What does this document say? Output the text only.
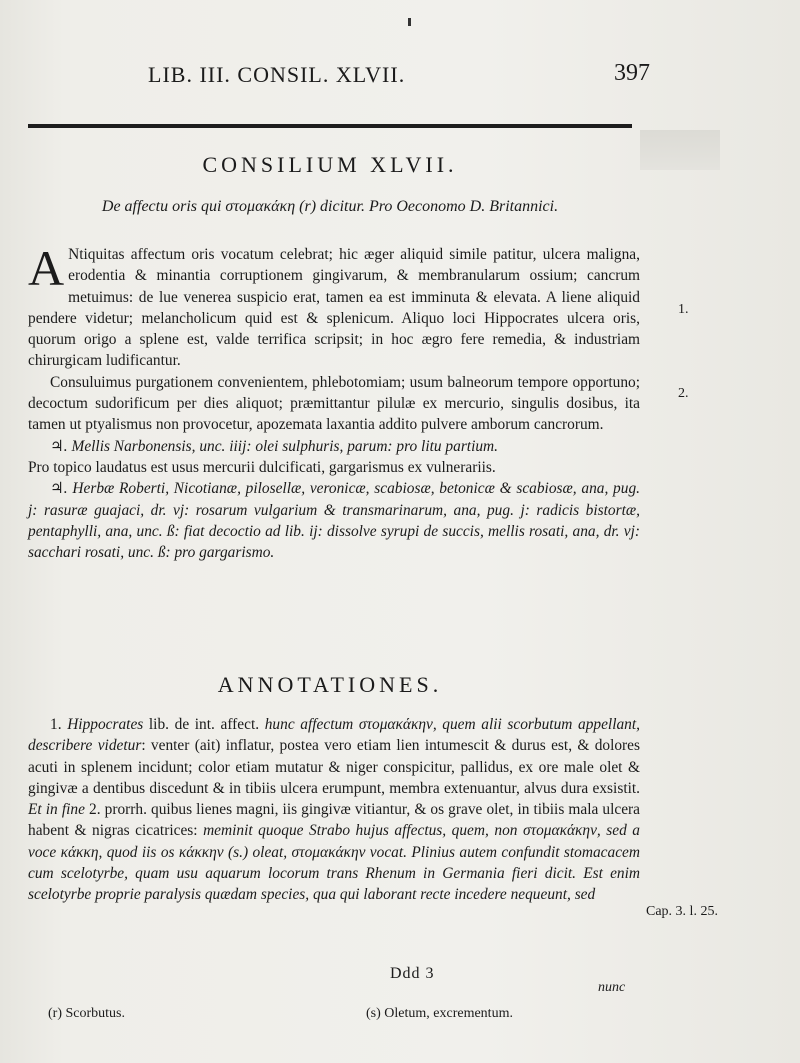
LIB. III. CONSIL. XLVII.	397
CONSILIUM XLVII.
De affectu oris qui στομακάκη (r) dicitur. Pro Oeconomo D. Britannici.

A Ntiquitas affectum oris vocatum celebrat; hic æger aliquid simile patitur, ulcera maligna, erodentia & minantia corruptionem gingivarum, & membranularum ossium; cancrum metuimus: de lue venerea suspicio erat, tamen ea est imminuta & elevata. A liene aliquid pendere videtur; melancholicum quid est & splenicum. Aliquo loci Hippocrates ulcera oris, quorum origo a splene est, valde terrifica scripsit; in hoc ægro fere remedia, & industriam chirurgicam ludificantur.

Consuluimus purgationem convenientem, phlebotomiam; usum balneorum tempore opportuno; decoctum sudorificum per dies aliquot; præmittantur pilulæ ex mercurio, singulis dosibus, ita tamen ut ptyalismus non provocetur, apozemata laxantia addito pulvere amborum cancrorum.

♃. Mellis Narbonensis, unc. iiij: olei sulphuris, parum: pro litu partium.

Pro topico laudatus est usus mercurii dulcificati, gargarismus ex vulnerariis.

♃. Herbæ Roberti, Nicotianæ, pilosellæ, veronicæ, scabiosæ, betonicæ & scabiosæ, ana, pug. j: rasuræ guajaci, dr. vj: rosarum vulgarium & transmarinarum, ana, pug. j: radicis bistortæ, pentaphylli, ana, unc. ß: fiat decoctio ad lib. ij: dissolve syrupi de succis, mellis rosati, ana, dr. vj: sacchari rosati, unc. ß: pro gargarismo.

1.
2.
ANNOTATIONES.

1. Hippocrates lib. de int. affect. hunc affectum στομακάκην, quem alii scorbutum appellant, describere videtur: venter (ait) inflatur, postea vero etiam lien intumescit & durus est, & dolores acuti in splenem incidunt; color etiam mutatur & niger conspicitur, pallidus, ex ore male olet & gingivæ a dentibus discedunt & in tibiis ulcera erumpunt, membra extenuantur, alvus dura exsistit. Et in fine 2. prorrh. quibus lienes magni, iis gingivæ vitiantur, & os grave olet, in tibiis mala ulcera habent & nigras cicatrices: meminit quoque Strabo hujus affectus, quem, non στομακάκην, sed a voce κάκκη, quod iis os κάκκην (s.) oleat, στομακάκην vocat. Plinius autem confundit stomacacem cum scelotyrbe, quam usu aquarum locorum trans Rhenum in Germania fieri dicit. Est enim scelotyrbe proprie paralysis quædam species, qua qui laborant recte incedere nequeunt, sed

Cap. 3. l. 25.
Ddd 3
nunc
(r) Scorbutus.	(s) Oletum, excrementum.
